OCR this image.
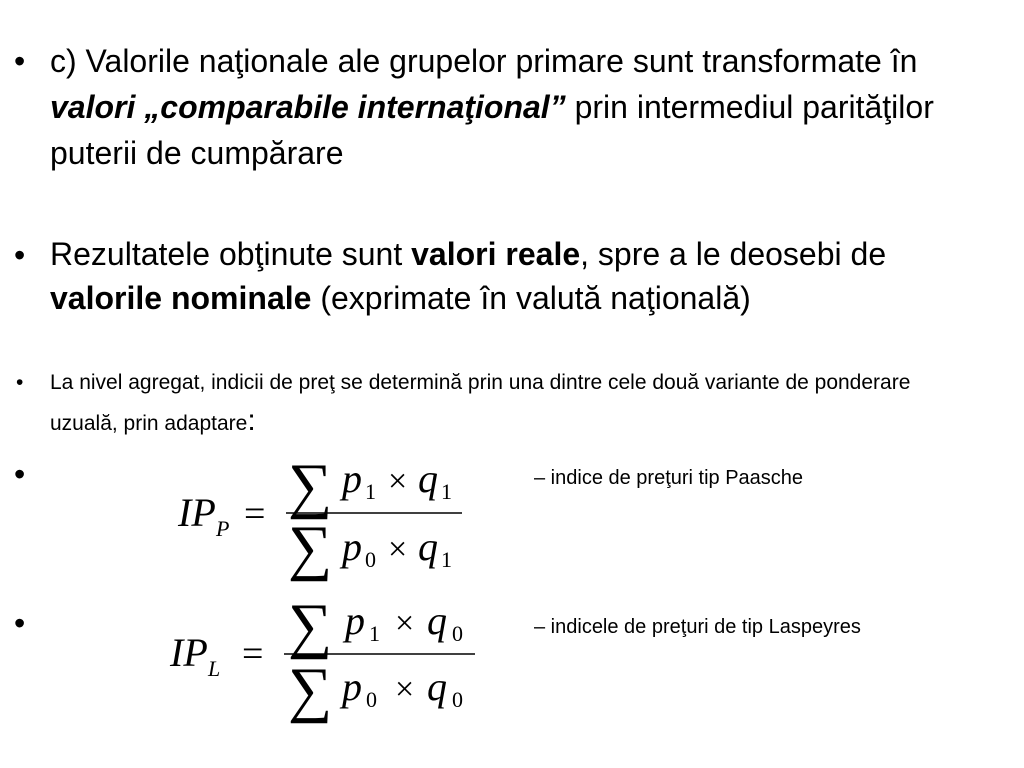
• c) Valorile naţionale ale grupelor primare sunt transformate în valori „comparabile internaţional” prin intermediul parităţilor puterii de cumpărare
• Rezultatele obţinute sunt valori reale, spre a le deosebi de valorile nominale (exprimate în valută naţională)
• La nivel agregat, indicii de preţ se determină prin una dintre cele două variante de ponderare uzuală, prin adaptare:
•
•
IP P = ∑ p 1 × q 1
∑ p 0 × q 1
– indice de preţuri tip Paasche
IP L = ∑ p 1 × q 0
∑ p 0 × q 0
– indicele de preţuri de tip Laspeyres
